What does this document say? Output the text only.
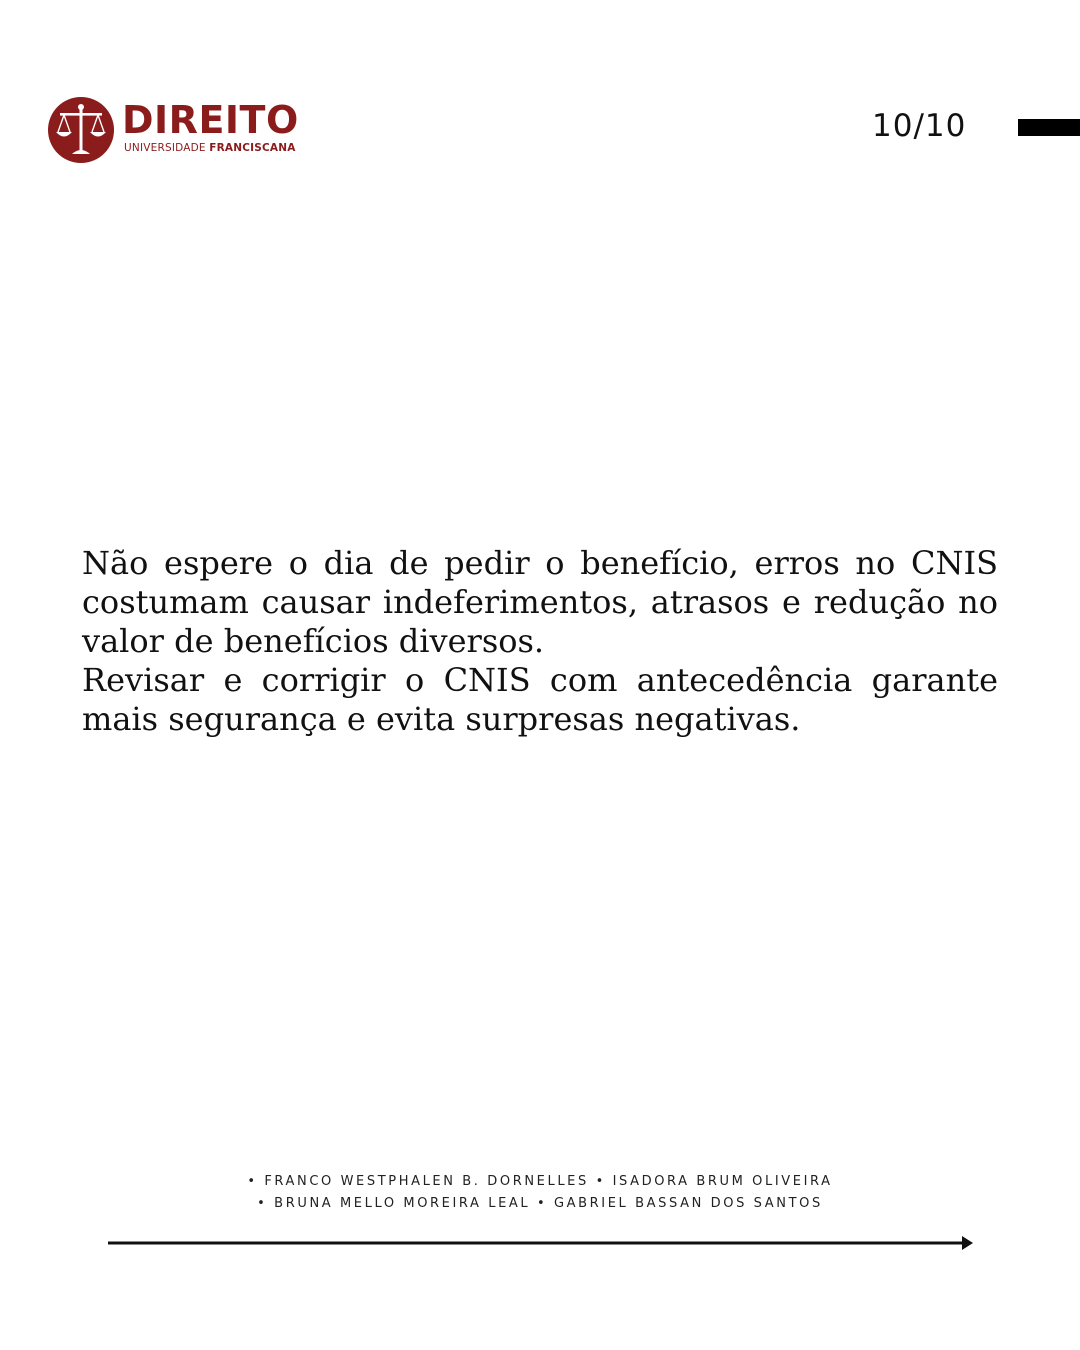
DIREITO
UNIVERSIDADE FRANCISCANA
10/10

Não espere o dia de pedir o benefício, erros no CNIS costumam causar indeferimentos, atrasos e redução no valor de benefícios diversos.

Revisar e corrigir o CNIS com antecedência garante mais segurança e evita surpresas negativas.

• FRANCO WESTPHALEN B. DORNELLES • ISADORA BRUM OLIVEIRA
• BRUNA MELLO MOREIRA LEAL • GABRIEL BASSAN DOS SANTOS
